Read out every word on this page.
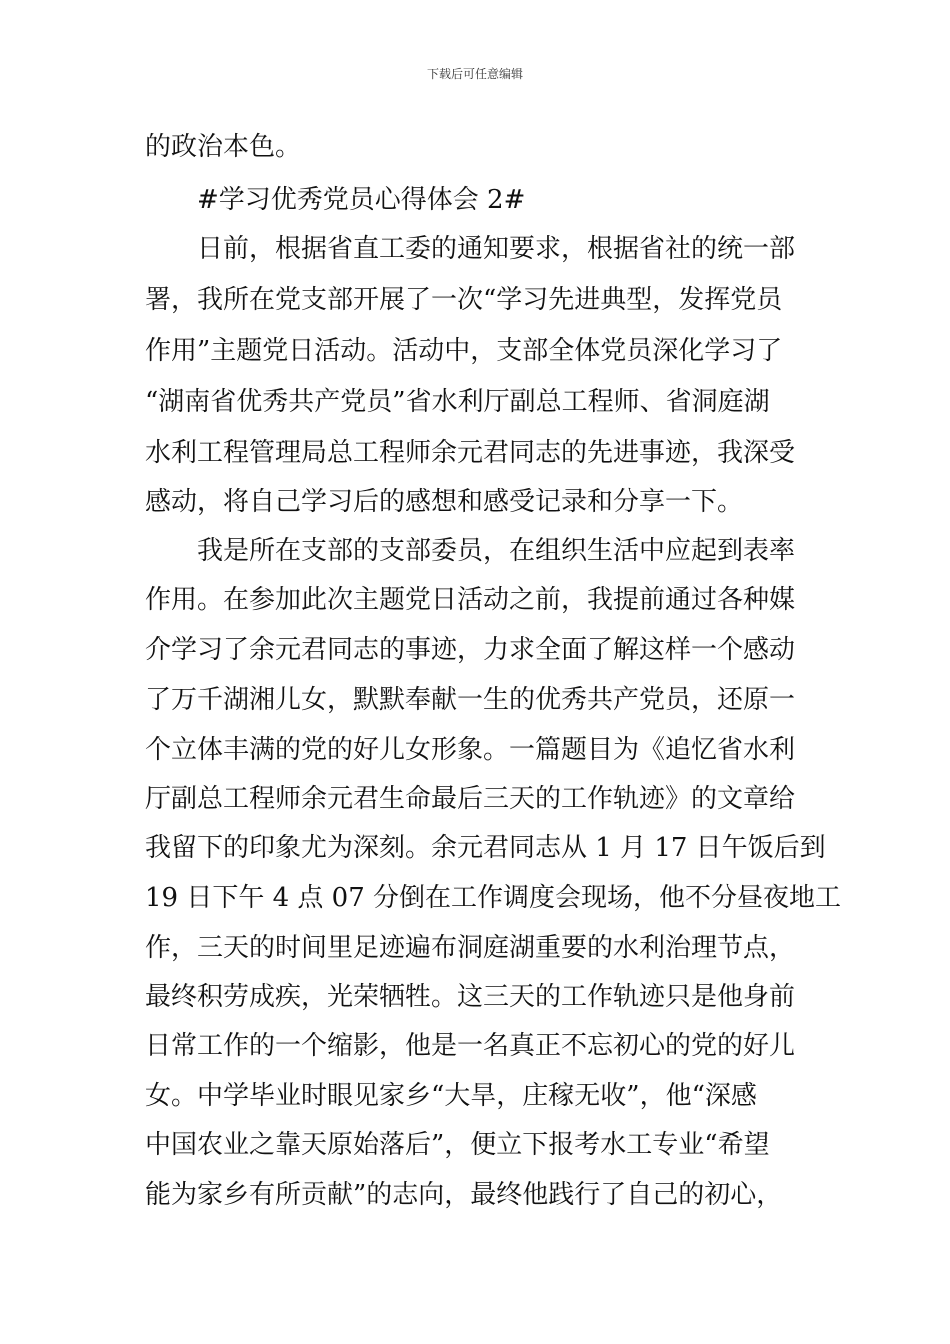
下载后可任意编辑
的政治本色。
#学习优秀党员心得体会 2#
日前，根据省直工委的通知要求，根据省社的统一部
署，我所在党支部开展了一次“学习先进典型，发挥党员
作用”主题党日活动。活动中，支部全体党员深化学习了
“湖南省优秀共产党员”省水利厅副总工程师、省洞庭湖
水利工程管理局总工程师余元君同志的先进事迹，我深受
感动，将自己学习后的感想和感受记录和分享一下。
我是所在支部的支部委员，在组织生活中应起到表率
作用。在参加此次主题党日活动之前，我提前通过各种媒
介学习了余元君同志的事迹，力求全面了解这样一个感动
了万千湖湘儿女，默默奉献一生的优秀共产党员，还原一
个立体丰满的党的好儿女形象。一篇题目为《追忆省水利
厅副总工程师余元君生命最后三天的工作轨迹》的文章给
我留下的印象尤为深刻。余元君同志从 1 月 17 日午饭后到
19 日下午 4 点 07 分倒在工作调度会现场，他不分昼夜地工
作，三天的时间里足迹遍布洞庭湖重要的水利治理节点，
最终积劳成疾，光荣牺牲。这三天的工作轨迹只是他身前
日常工作的一个缩影，他是一名真正不忘初心的党的好儿
女。中学毕业时眼见家乡“大旱，庄稼无收”，他“深感
中国农业之靠天原始落后”，便立下报考水工专业“希望
能为家乡有所贡献”的志向，最终他践行了自己的初心，
